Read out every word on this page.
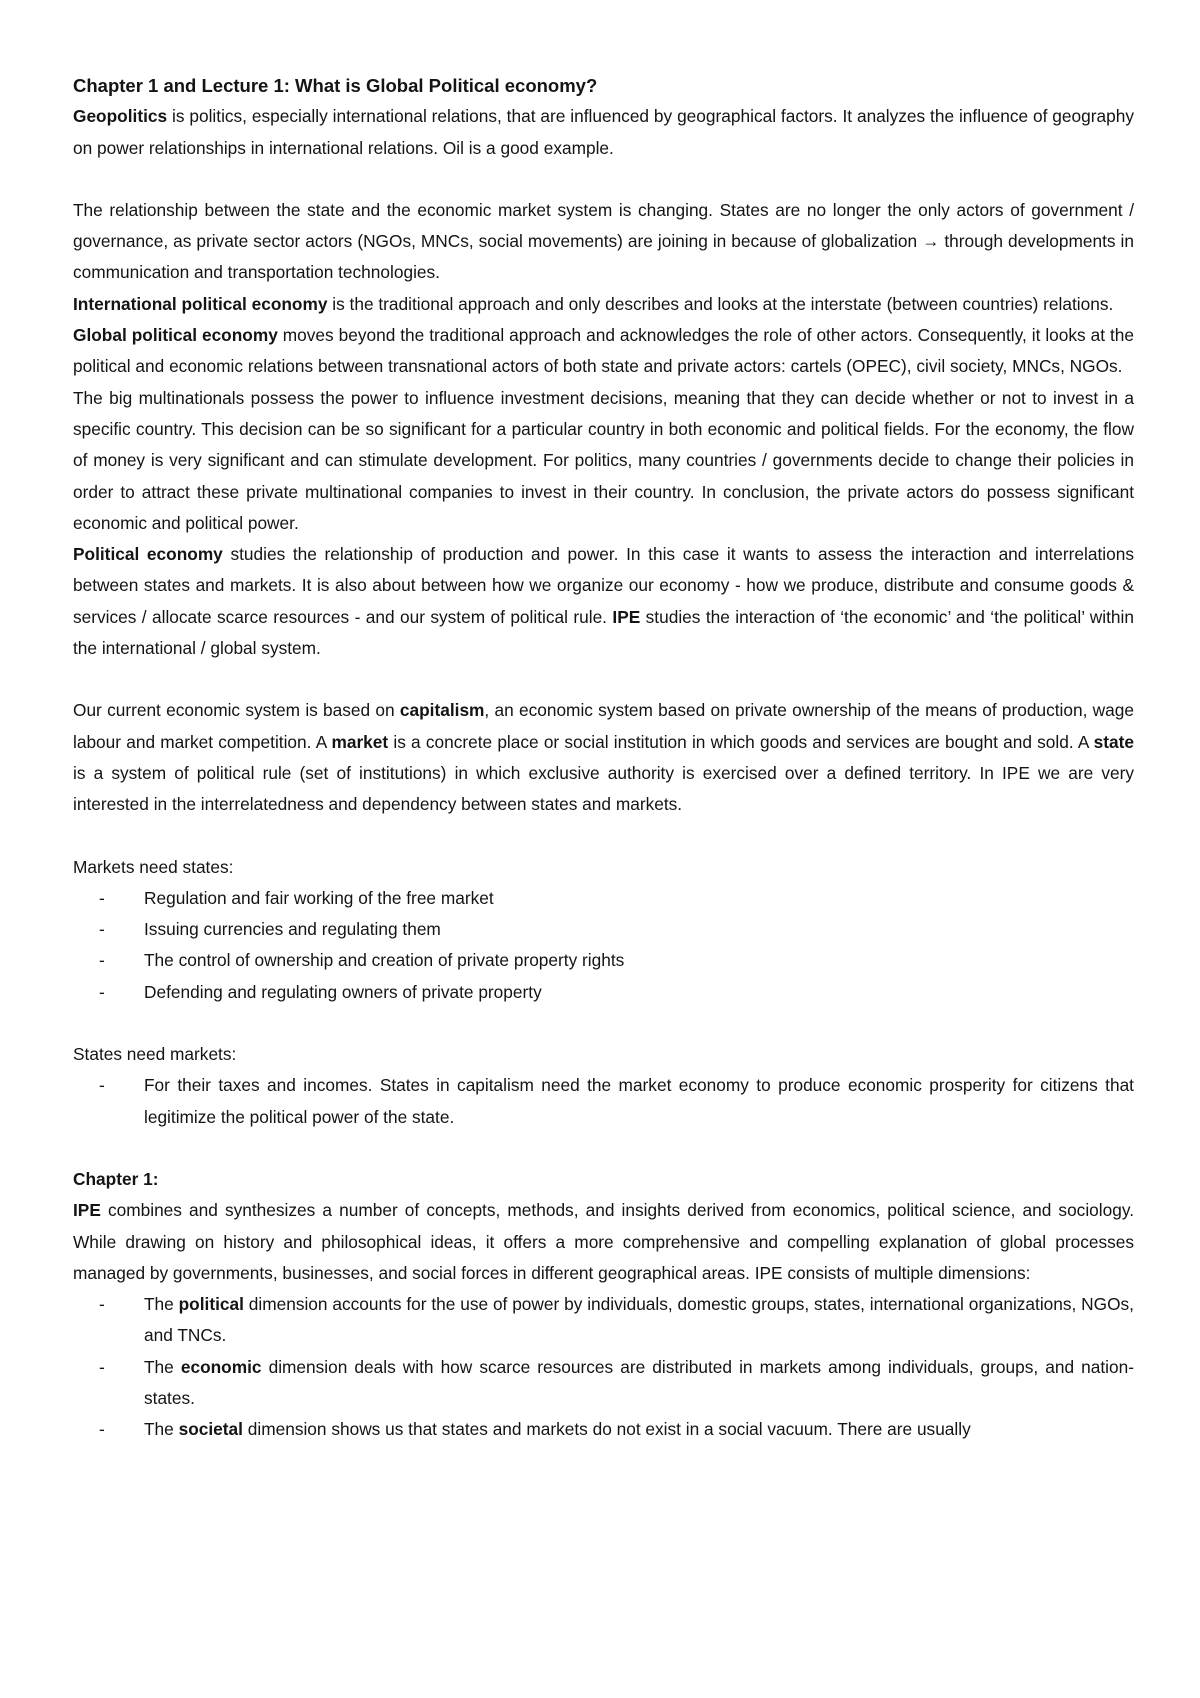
Chapter 1 and Lecture 1: What is Global Political economy?

Geopolitics is politics, especially international relations, that are influenced by geographical factors. It analyzes the influence of geography on power relationships in international relations. Oil is a good example.

The relationship between the state and the economic market system is changing. States are no longer the only actors of government / governance, as private sector actors (NGOs, MNCs, social movements) are joining in because of globalization → through developments in communication and transportation technologies.

International political economy is the traditional approach and only describes and looks at the interstate (between countries) relations.

Global political economy moves beyond the traditional approach and acknowledges the role of other actors. Consequently, it looks at the political and economic relations between transnational actors of both state and private actors: cartels (OPEC), civil society, MNCs, NGOs.

The big multinationals possess the power to influence investment decisions, meaning that they can decide whether or not to invest in a specific country. This decision can be so significant for a particular country in both economic and political fields. For the economy, the flow of money is very significant and can stimulate development. For politics, many countries / governments decide to change their policies in order to attract these private multinational companies to invest in their country. In conclusion, the private actors do possess significant economic and political power.

Political economy studies the relationship of production and power. In this case it wants to assess the interaction and interrelations between states and markets. It is also about between how we organize our economy - how we produce, distribute and consume goods & services / allocate scarce resources - and our system of political rule. IPE studies the interaction of ‘the economic’ and ‘the political’ within the international / global system.

Our current economic system is based on capitalism, an economic system based on private ownership of the means of production, wage labour and market competition. A market is a concrete place or social institution in which goods and services are bought and sold. A state is a system of political rule (set of institutions) in which exclusive authority is exercised over a defined territory. In IPE we are very interested in the interrelatedness and dependency between states and markets.

Markets need states:

- Regulation and fair working of the free market
- Issuing currencies and regulating them
- The control of ownership and creation of private property rights
- Defending and regulating owners of private property

States need markets:

- For their taxes and incomes. States in capitalism need the market economy to produce economic prosperity for citizens that legitimize the political power of the state.

Chapter 1:

IPE combines and synthesizes a number of concepts, methods, and insights derived from economics, political science, and sociology. While drawing on history and philosophical ideas, it offers a more comprehensive and compelling explanation of global processes managed by governments, businesses, and social forces in different geographical areas. IPE consists of multiple dimensions:

- The political dimension accounts for the use of power by individuals, domestic groups, states, international organizations, NGOs, and TNCs.
- The economic dimension deals with how scarce resources are distributed in markets among individuals, groups, and nation-states.
- The societal dimension shows us that states and markets do not exist in a social vacuum. There are usually
